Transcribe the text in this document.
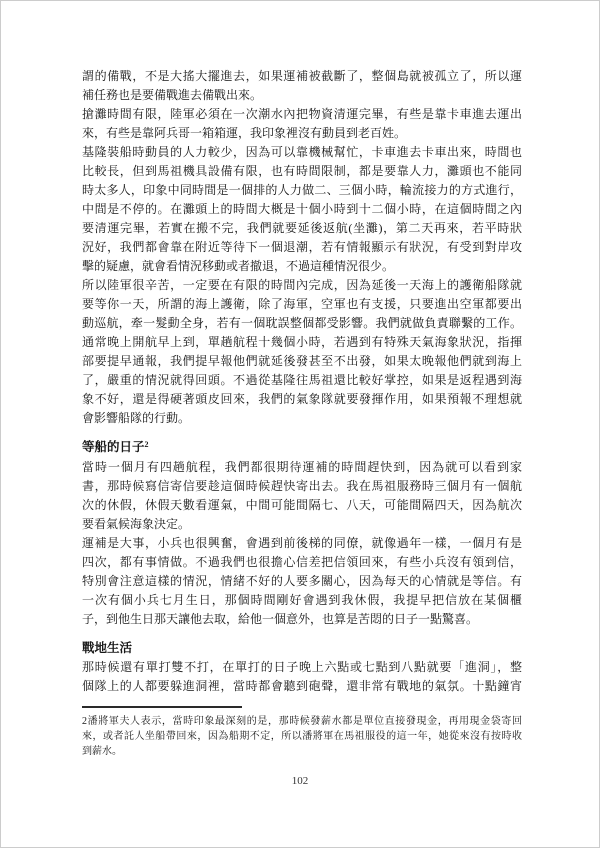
謂的備戰，不是大搖大擺進去，如果運補被截斷了，整個島就被孤立了，所以運
補任務也是要備戰進去備戰出來。
搶灘時間有限，陸軍必須在一次潮水內把物資清運完畢，有些是靠卡車進去運出
來，有些是靠阿兵哥一箱箱運，我印象裡沒有動員到老百姓。
基隆裝船時動員的人力較少，因為可以靠機械幫忙，卡車進去卡車出來，時間也
比較長，但到馬祖機具設備有限，也有時間限制，都是要靠人力，灘頭也不能同
時太多人，印象中同時間是一個排的人力做二、三個小時，輪流接力的方式進行，
中間是不停的。在灘頭上的時間大概是十個小時到十二個小時，在這個時間之內
要清運完畢，若實在搬不完，我們就要延後返航(坐灘)，第二天再來，若平時狀
況好，我們都會靠在附近等待下一個退潮，若有情報顯示有狀況，有受到對岸攻
擊的疑慮，就會看情況移動或者撤退，不過這種情況很少。
所以陸軍很辛苦，一定要在有限的時間內完成，因為延後一天海上的護衛船隊就
要等你一天，所謂的海上護衛，除了海軍，空軍也有支援，只要進出空軍都要出
動巡航，牽一髮動全身，若有一個耽誤整個都受影響。我們就做負責聯繫的工作。
通常晚上開航早上到，單趟航程十幾個小時，若遇到有特殊天氣海象狀況，指揮
部要提早通報，我們提早報他們就延後發甚至不出發，如果太晚報他們就到海上
了，嚴重的情況就得回頭。不過從基隆往馬祖還比較好掌控，如果是返程遇到海
象不好，還是得硬著頭皮回來，我們的氣象隊就要發揮作用，如果預報不理想就
會影響船隊的行動。
等船的日子$^2$
當時一個月有四趟航程，我們都很期待運補的時間趕快到，因為就可以看到家
書，那時候寫信寄信要趁這個時候趕快寄出去。我在馬祖服務時三個月有一個航
次的休假，休假天數看運氣，中間可能間隔七、八天，可能間隔四天，因為航次
要看氣候海象決定。
運補是大事，小兵也很興奮，會遇到前後梯的同僚，就像過年一樣，一個月有是
四次，都有事情做。不過我們也很擔心信差把信領回來，有些小兵沒有領到信，
特別會注意這樣的情況，情緒不好的人要多關心，因為每天的心情就是等信。有
一次有個小兵七月生日，那個時間剛好會遇到我休假，我提早把信放在某個櫃
子，到他生日那天讓他去取，給他一個意外，也算是苦悶的日子一點驚喜。
戰地生活
那時候還有單打雙不打，在單打的日子晚上六點或七點到八點就要「進洞」，整
個隊上的人都要躲進洞裡，當時都會聽到砲聲，還非常有戰地的氣氛。十點鐘宵
2潘將軍夫人表示，當時印象最深刻的是，那時候發薪水都是單位直接發現金，再用現金袋寄回
來，或者託人坐船帶回來，因為船期不定，所以潘將軍在馬祖服役的這一年，她從來沒有按時收
到薪水。
102
